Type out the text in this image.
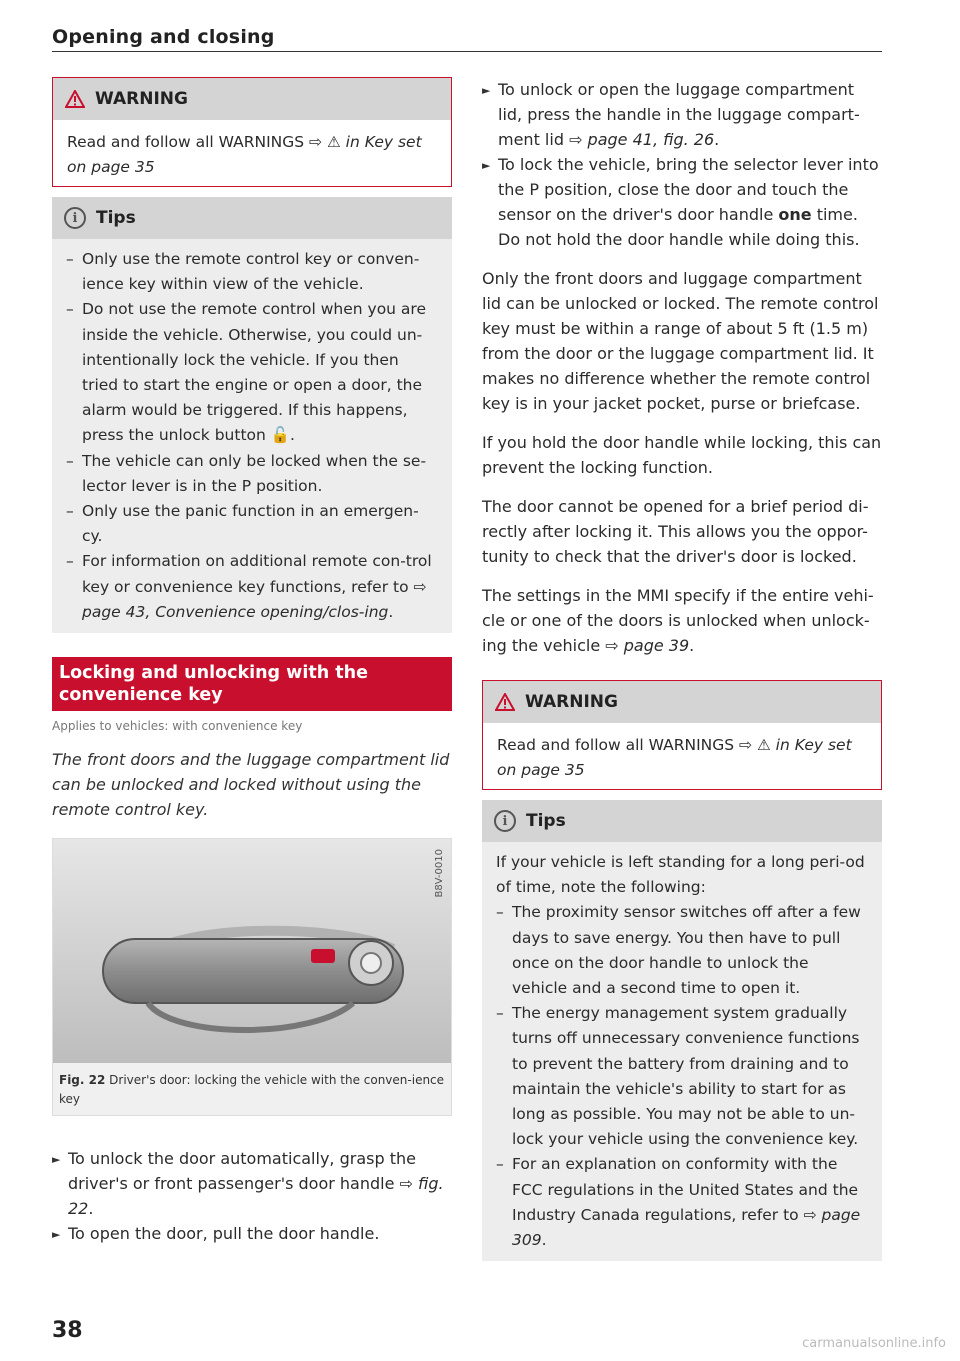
Opening and closing
WARNING
Read and follow all WARNINGS ⇨ ⚠ in Key set on page 35
i	Tips
– Only use the remote control key or conven-ience key within view of the vehicle.
– Do not use the remote control when you are inside the vehicle. Otherwise, you could un-intentionally lock the vehicle. If you then tried to start the engine or open a door, the alarm would be triggered. If this happens, press the unlock button 🔓.
– The vehicle can only be locked when the se-lector lever is in the P position.
– Only use the panic function in an emergen-cy.
– For information on additional remote con-trol key or convenience key functions, refer to ⇨ page 43, Convenience opening/clos-ing.
Locking and unlocking with the convenience key
Applies to vehicles: with convenience key
The front doors and the luggage compartment lid can be unlocked and locked without using the remote control key.
B8V-0010
Fig. 22 Driver's door: locking the vehicle with the conven-ience key
► To unlock the door automatically, grasp the driver's or front passenger's door handle ⇨ fig. 22.
► To open the door, pull the door handle.
► To unlock or open the luggage compartment lid, press the handle in the luggage compart-ment lid ⇨ page 41, fig. 26.
► To lock the vehicle, bring the selector lever into the P position, close the door and touch the sensor on the driver's door handle one time. Do not hold the door handle while doing this.
Only the front doors and luggage compartment lid can be unlocked or locked. The remote control key must be within a range of about 5 ft (1.5 m) from the door or the luggage compartment lid. It makes no difference whether the remote control key is in your jacket pocket, purse or briefcase.
If you hold the door handle while locking, this can prevent the locking function.
The door cannot be opened for a brief period di-rectly after locking it. This allows you the oppor-tunity to check that the driver's door is locked.
The settings in the MMI specify if the entire vehi-cle or one of the doors is unlocked when unlock-ing the vehicle ⇨ page 39.
WARNING
Read and follow all WARNINGS ⇨ ⚠ in Key set on page 35
i	Tips
If your vehicle is left standing for a long peri-od of time, note the following:
– The proximity sensor switches off after a few days to save energy. You then have to pull once on the door handle to unlock the vehicle and a second time to open it.
– The energy management system gradually turns off unnecessary convenience functions to prevent the battery from draining and to maintain the vehicle's ability to start for as long as possible. You may not be able to un-lock your vehicle using the convenience key.
– For an explanation on conformity with the FCC regulations in the United States and the Industry Canada regulations, refer to ⇨ page 309.
38
carmanualsonline.info
